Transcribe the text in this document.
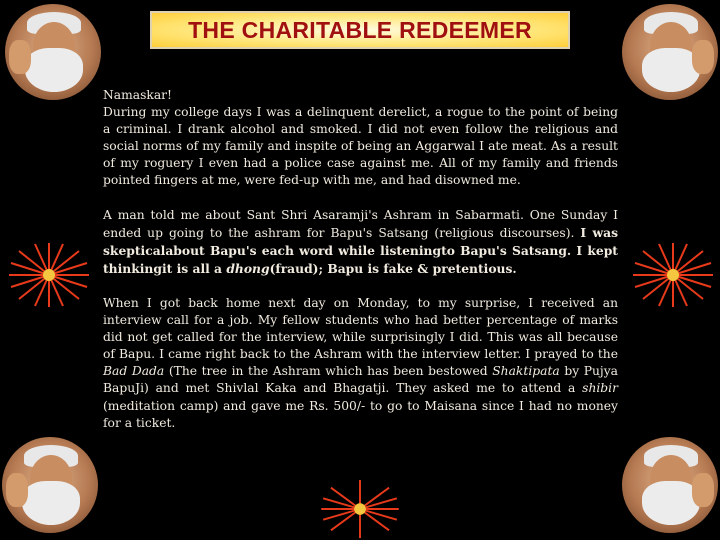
THE CHARITABLE REDEEMER

Namaskar!
During my college days I was a delinquent derelict, a rogue to the point of being a criminal. I drank alcohol and smoked. I did not even follow the religious and social norms of my family and inspite of being an Aggarwal I ate meat. As a result of my roguery I even had a police case against me. All of my family and friends pointed fingers at me, were fed-up with me, and had disowned me.

A man told me about Sant Shri Asaramji's Ashram in Sabarmati. One Sunday I ended up going to the ashram for Bapu's Satsang (religious discourses). I was skepticalabout Bapu's each word while listeningto Bapu's Satsang. I kept thinkingit is all a dhong(fraud); Bapu is fake & pretentious.

When I got back home next day on Monday, to my surprise, I received an interview call for a job. My fellow students who had better percentage of marks did not get called for the interview, while surprisingly I did. This was all because of Bapu. I came right back to the Ashram with the interview letter. I prayed to the Bad Dada (The tree in the Ashram which has been bestowed Shaktipata by Pujya BapuJi) and met Shivlal Kaka and Bhagatji. They asked me to attend a shibir (meditation camp) and gave me Rs. 500/- to go to Maisana since I had no money for a ticket.
